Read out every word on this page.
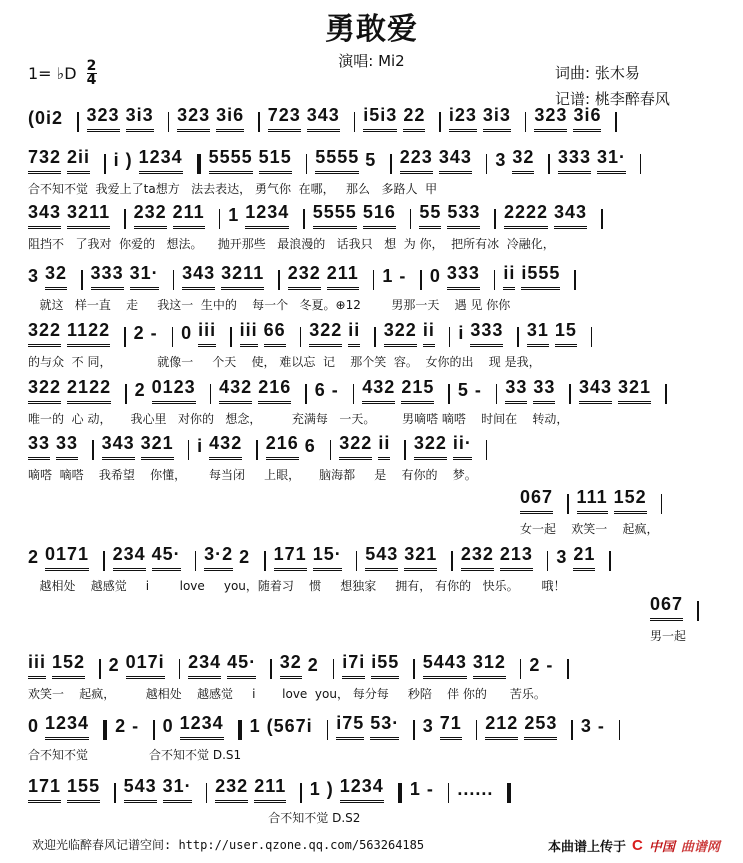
勇敢爱
演唱: Mi2
1= ♭D $\frac{2}{4}$	词曲: 张木易
记谱: 桃李醉春风
(0i2 323 3i3 323 3i6 723 343 i5i3 22 i23 3i3 323 3i6
732 2ii i ) 1234 5555 515 5555 5 223 343 3 32 333 31·
合不知不觉  我爱上了ta想方   法去表达， 勇气你  在哪，   那么   多路人  甲
343 3211 232 211 1 1234 5555 516 55 533 2222 343
阻挡不   了我对  你爱的   想法。    抛开那些   最浪漫的   话我只   想  为 你，  把所有冰  冷融化，
3 32 333 31· 343 3211 232 211 1 - 0 333 ii i555
就这   样一直    走     我这一  生中的    每一个   冬夏。⊕12        男那一天    遇 见 你你
322 1122 2 - 0 iii iii 66 322 ii 322 ii i 333 31 15
的与众  不 同，            就像一     个天    使， 难以忘  记    那个笑  容。  女你的出    现 是我，
322 2122 2 0123 432 216 6 - 432 215 5 - 33 33 343 321
唯一的  心 动，     我心里   对你的   想念，        充满每   一天。       男嘀嗒 嘀嗒    时间在    转动，
33 33 343 321 i 432 216 6 322 ii 322 ii·
嘀嗒  嘀嗒    我希望    你懂，      每当闭     上眼，     脑海都     是    有你的    梦。
067 111 152
女一起    欢笑一    起疯，
2 0171 234 45· 3·2 2 171 15· 543 321 232 213 3 21
越相处    越感觉     i        love     you，随着习    惯     想独家     拥有， 有你的   快乐。      哦！
067
男一起
iii 152 2 017i 234 45· 32 2 i7i i55 5443 312 2 -
欢笑一    起疯，        越相处    越感觉     i       love  you， 每分每     秒陪    伴 你的      苦乐。
0 1234 2 - 0 1234 1 (567i i75 53· 3 71 212 253 3 -
合不知不觉                合不知不觉 D.S1
171 155 543 31· 232 211 1 ) 1234 1 - ......
合不知不觉 D.S2
欢迎光临醉春风记谱空间: http://user.qzone.qq.com/563264185	本曲谱上传于 C 中国 曲谱网
